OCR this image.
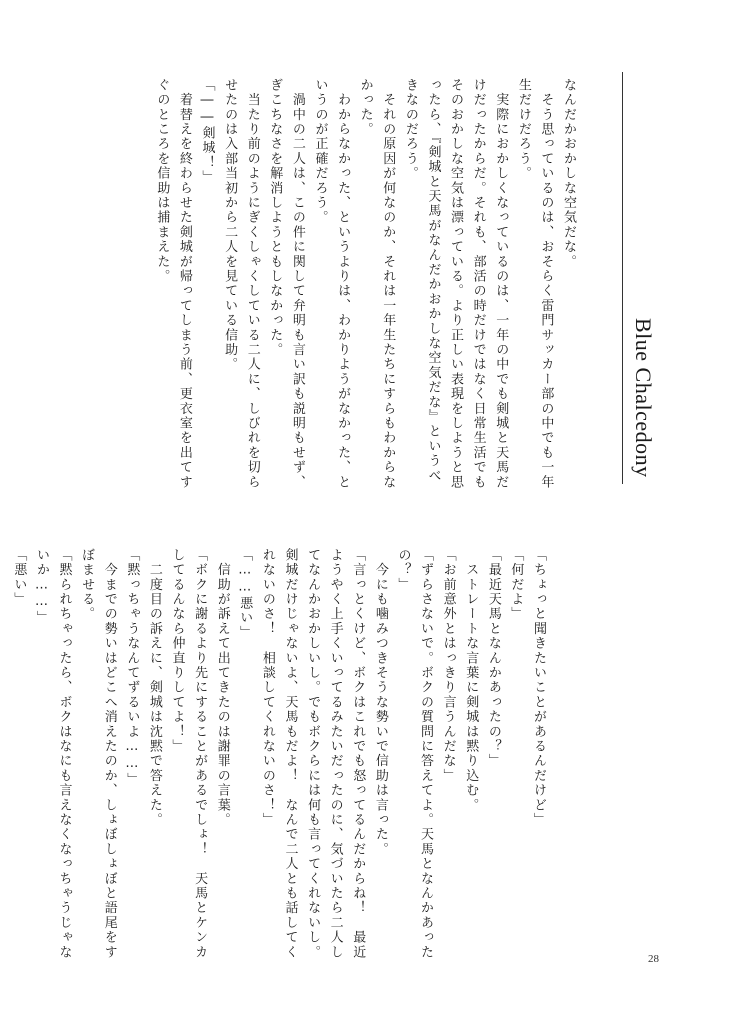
Blue Chalcedony
なんだかおかしな空気だな。
　そう思っているのは、おそらく雷門サッカー部の中でも一年
生だけだろう。
　実際におかしくなっているのは、一年の中でも剣城と天馬だ
けだったからだ。それも、部活の時だけではなく日常生活でも
そのおかしな空気は漂っている。より正しい表現をしようと思
ったら、『剣城と天馬がなんだかおかしな空気だな』というべ
きなのだろう。
　それの原因が何なのか、それは一年生たちにすらもわからな
かった。
　わからなかった、というよりは、わかりようがなかった、と
いうのが正確だろう。
　渦中の二人は、この件に関して弁明も言い訳も説明もせず、
ぎこちなさを解消しようともしなかった。
　当たり前のようにぎくしゃくしている二人に、しびれを切ら
せたのは入部当初から二人を見ている信助。
「――剣城！」
　着替えを終わらせた剣城が帰ってしまう前、更衣室を出てす
ぐのところを信助は捕まえた。
「ちょっと聞きたいことがあるんだけど」
「何だよ」
「最近天馬となんかあったの？」
　ストレートな言葉に剣城は黙り込む。
「お前意外とはっきり言うんだな」
「ずらさないで。ボクの質問に答えてよ。天馬となんかあった
の？」
　今にも噛みつきそうな勢いで信助は言った。
「言っとくけど、ボクはこれでも怒ってるんだからね！　最近
ようやく上手くいってるみたいだったのに、気づいたら二人し
てなんかおかしいし。でもボクらには何も言ってくれないし。
剣城だけじゃないよ、天馬もだよ！　なんで二人とも話してく
れないのさ！　相談してくれないのさ！」
「……悪い」
　信助が訴えて出てきたのは謝罪の言葉。
「ボクに謝るより先にすることがあるでしょ！　天馬とケンカ
してるんなら仲直りしてよ！」
　二度目の訴えに、剣城は沈黙で答えた。
「黙っちゃうなんてずるいよ……」
　今までの勢いはどこへ消えたのか、しょぼしょぼと語尾をす
ぼませる。
「黙られちゃったら、ボクはなにも言えなくなっちゃうじゃな
いか……」
「悪い」
28
